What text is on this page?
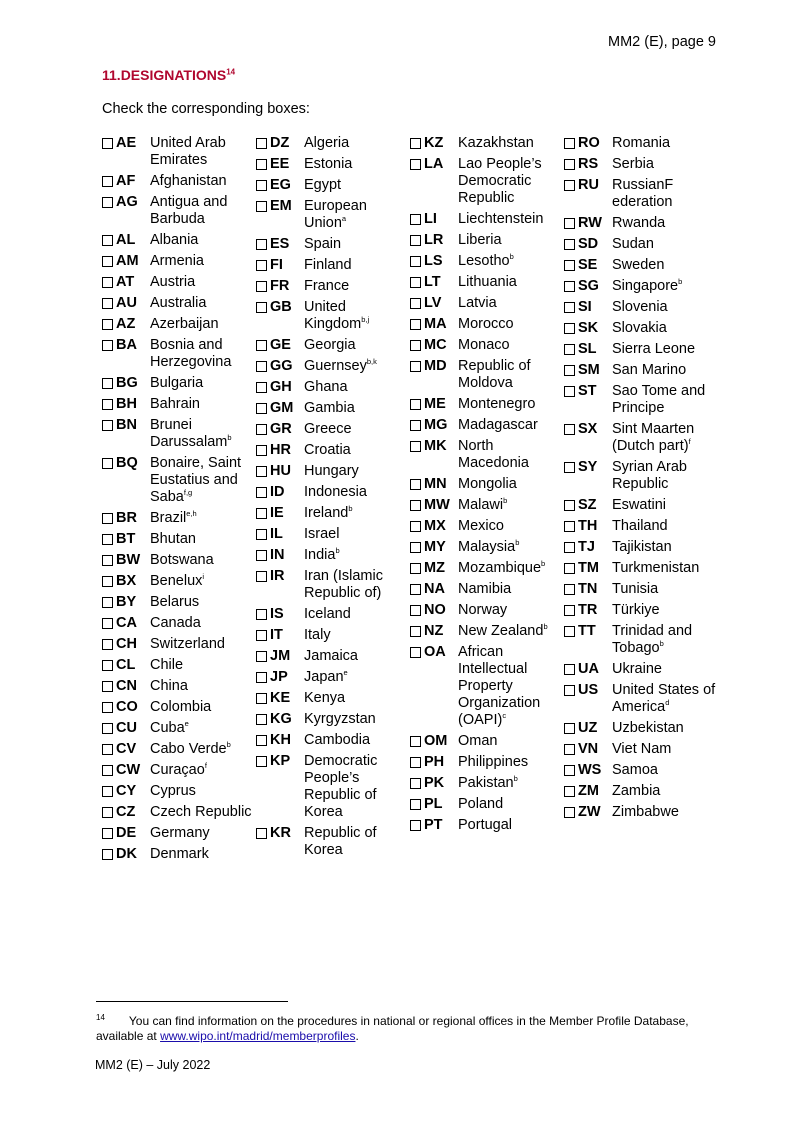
MM2 (E), page 9
11.DESIGNATIONS$^{14}$
Check the corresponding boxes:
AE United Arab Emirates
AF	Afghanistan
AG Antigua and Barbuda
AL	Albania
AM Armenia
AT	Austria
AU Australia
AZ	Azerbaijan
BA Bosnia and Herzegovina
BG Bulgaria
BH Bahrain
BN Brunei Darussalam$^b$
BQ Bonaire, Saint Eustatius and Saba$^{f,g}$
BR Brazil$^{e,h}$
BT	Bhutan
BW Botswana
BX Benelux$^i$
BY Belarus
CA Canada
CH Switzerland
CL	Chile
CN China
CO Colombia
CU Cuba$^e$
CV Cabo Verde$^b$
CW Curaçao$^f$
CY Cyprus
CZ	Czech Republic
DE Germany
DK Denmark
DZ	Algeria
EE	Estonia
EG Egypt
EM European Union$^a$
ES	Spain
FI	Finland
FR	France
GB United Kingdom$^{b,j}$
GE Georgia
GG Guernsey$^{b,k}$
GH Ghana
GM Gambia
GR Greece
HR Croatia
HU Hungary
ID	Indonesia
IE	Ireland$^b$
IL	Israel
IN	India$^b$
IR	Iran (Islamic Republic of)
IS	Iceland
IT	Italy
JM Jamaica
JP	Japan$^e$
KE Kenya
KG Kyrgyzstan
KH Cambodia
KP Democratic People’s Republic of Korea
KR Republic of Korea
KZ	Kazakhstan
LA	Lao People’s Democratic Republic
LI	Liechtenstein
LR	Liberia
LS	Lesotho$^b$
LT	Lithuania
LV	Latvia
MA Morocco
MC Monaco
MD Republic of Moldova
ME Montenegro
MG Madagascar
MK North Macedonia
MN Mongolia
MW Malawi$^b$
MX Mexico
MY Malaysia$^b$
MZ Mozambique$^b$
NA Namibia
NO Norway
NZ	New Zealand$^b$
OA African Intellectual Property Organization (OAPI)$^c$
OM Oman
PH Philippines
PK Pakistan$^b$
PL	Poland
PT	Portugal
RO Romania
RS Serbia
RU RussianF ederation
RW Rwanda
SD Sudan
SE	Sweden
SG Singapore$^b$
SI	Slovenia
SK Slovakia
SL	Sierra Leone
SM San Marino
ST	Sao Tome and Principe
SX	Sint Maarten (Dutch part)$^f$
SY	Syrian Arab Republic
SZ	Eswatini
TH	Thailand
TJ	Tajikistan
TM Turkmenistan
TN	Tunisia
TR	Türkiye
TT	Trinidad and Tobago$^b$
UA Ukraine
US United States of America$^d$
UZ	Uzbekistan
VN Viet Nam
WS Samoa
ZM Zambia
ZW Zimbabwe
$^{14}$ You can find information on the procedures in national or regional offices in the Member Profile Database, available at www.wipo.int/madrid/memberprofiles.
MM2 (E) – July 2022
